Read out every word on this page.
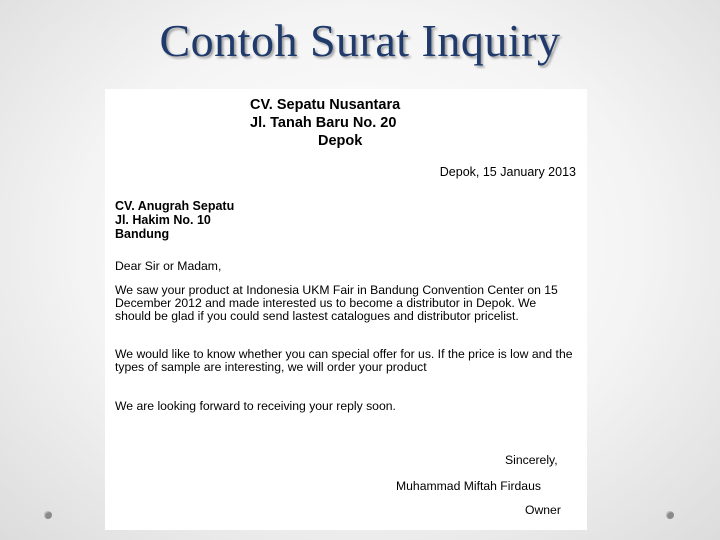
Contoh Surat Inquiry
CV. Sepatu Nusantara
Jl. Tanah Baru No. 20
Depok
Depok, 15 January 2013
CV. Anugrah Sepatu
Jl. Hakim No. 10
Bandung
Dear Sir or Madam,
We saw your product at Indonesia UKM Fair in Bandung Convention Center on 15 December 2012 and made interested us to become a distributor in Depok. We should be glad if you could send lastest catalogues and distributor pricelist.
We would like to know whether you can special offer for us. If the price is low and the types of sample are interesting, we will order your product
We are looking forward to receiving your reply soon.
Sincerely,
Muhammad Miftah Firdaus
Owner
